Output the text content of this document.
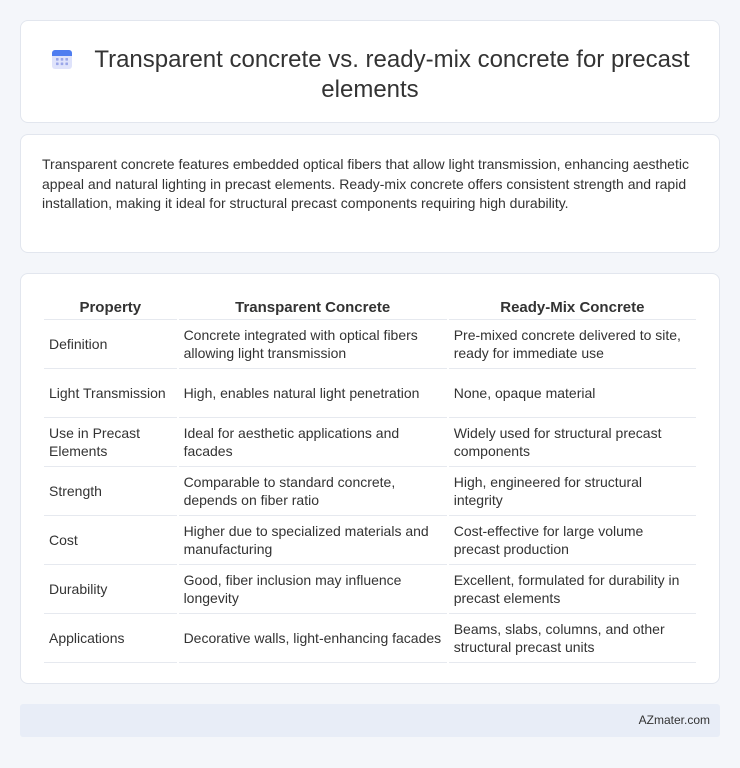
Transparent concrete vs. ready-mix concrete for precast elements

Transparent concrete features embedded optical fibers that allow light transmission, enhancing aesthetic appeal and natural lighting in precast elements. Ready-mix concrete offers consistent strength and rapid installation, making it ideal for structural precast components requiring high durability.

Property	Transparent Concrete	Ready-Mix Concrete
Definition	Concrete integrated with optical fibers allowing light transmission	Pre-mixed concrete delivered to site, ready for immediate use
Light Transmission	High, enables natural light penetration	None, opaque material
Use in Precast Elements	Ideal for aesthetic applications and facades	Widely used for structural precast components
Strength	Comparable to standard concrete, depends on fiber ratio	High, engineered for structural integrity
Cost	Higher due to specialized materials and manufacturing	Cost-effective for large volume precast production
Durability	Good, fiber inclusion may influence longevity	Excellent, formulated for durability in precast elements
Applications	Decorative walls, light-enhancing facades	Beams, slabs, columns, and other structural precast units
AZmater.com
